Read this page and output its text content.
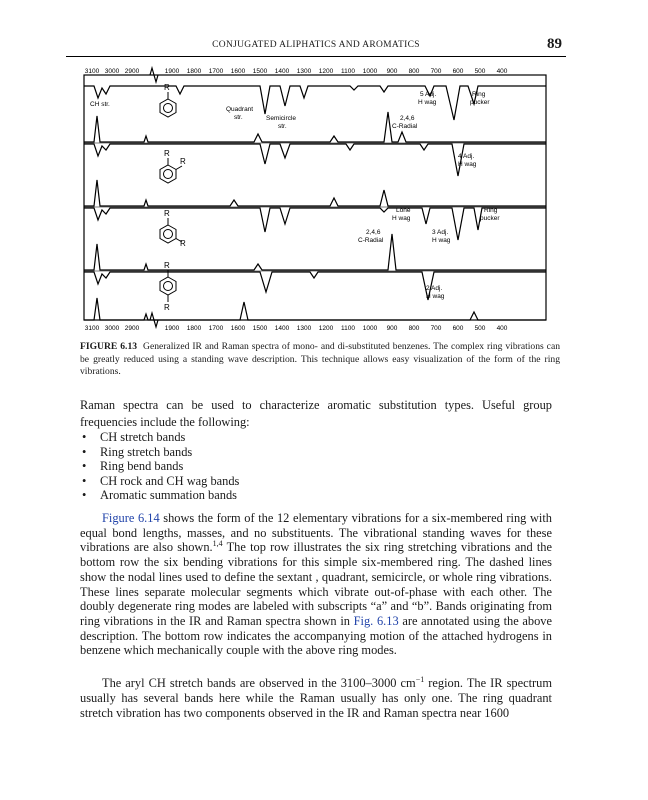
CONJUGATED ALIPHATICS AND AROMATICS	89
3100 3000 2900	1900 1800 1700 1600 1500 1400 1300 1200 1100 1000 900 800 700 600 500 400
3100 3000 2900	1900 1800 1700 1600 1500 1400 1300 1200 1100 1000 900 800 700 600 500 400
R
R
R
R
R
R
R
CH str.
Quadrant
str.	Semicircle
str.
5 Adj.
H wag
Ring
pucker
2,4,6
C-Radial
4 Adj.
H wag
Lone
H wag
Ring
pucker
2,4,6
C-Radial
3 Adj.
H wag
2 Adj.
H wag
FIGURE 6.13 Generalized IR and Raman spectra of mono- and di-substituted benzenes. The complex ring vibrations can be greatly reduced using a standing wave description. This technique allows easy visualization of the form of the ring vibrations.

Raman spectra can be used to characterize aromatic substitution types. Useful group frequencies include the following:

• CH stretch bands
• Ring stretch bands
• Ring bend bands
• CH rock and CH wag bands
• Aromatic summation bands

Figure 6.14 shows the form of the 12 elementary vibrations for a six-membered ring with equal bond lengths, masses, and no substituents. The vibrational standing waves for these vibrations are also shown.$^{1,4}$ The top row illustrates the six ring stretching vibrations and the bottom row the six bending vibrations for this simple six-membered ring. The dashed lines show the nodal lines used to define the sextant , quadrant, semicircle, or whole ring vibrations. These lines separate molecular segments which vibrate out-of-phase with each other. The doubly degenerate ring modes are labeled with subscripts “a” and “b”. Bands originating from ring vibrations in the IR and Raman spectra shown in Fig. 6.13 are annotated using the above description. The bottom row indicates the accompanying motion of the attached hydrogens in benzene which mechanically couple with the above ring modes.

The aryl CH stretch bands are observed in the 3100–3000 $cm^{-1}$ region. The IR spectrum usually has several bands here while the Raman usually has only one. The ring quadrant stretch vibration has two components observed in the IR and Raman spectra near 1600
